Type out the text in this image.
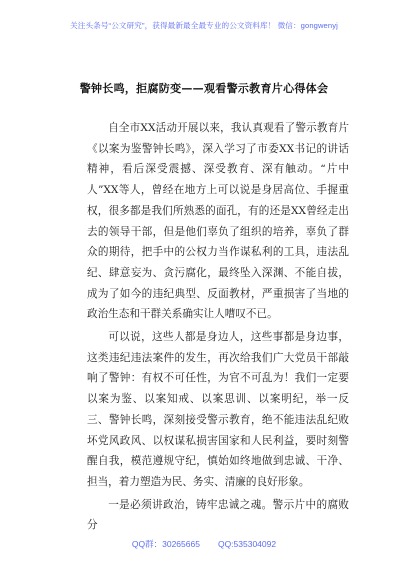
关注头条号“公文研究”，获得最新最全最专业的公文资料库！ 微信：gongwenyj
警钟长鸣，拒腐防变——观看警示教育片心得体会

自全市XX活动开展以来，我认真观看了警示教育片《以案为鉴警钟长鸣》，深入学习了市委XX书记的讲话精神，看后深受震撼、深受教育、深有触动。“片中人”XX等人，曾经在地方上可以说是身居高位、手握重权，很多都是我们所熟悉的面孔，有的还是XX曾经走出去的领导干部，但是他们辜负了组织的培养，辜负了群众的期待，把手中的公权力当作谋私利的工具，违法乱纪、肆意妄为、贪污腐化，最终坠入深渊、不能自拔，成为了如今的违纪典型、反面教材，严重损害了当地的政治生态和干群关系确实让人嘈叹不已。

可以说，这些人都是身边人，这些事都是身边事，这类违纪违法案件的发生，再次给我们广大党员干部敲响了警钟：有权不可任性，为官不可乱为！我们一定要以案为鉴、以案知戒、以案思训、以案明纪，举一反三、警钟长鸣，深刻接受警示教育，绝不能违法乱纪败坏党风政风、以权谋私损害国家和人民利益，要时刻警醒自我，模范遵规守纪，慎始如终地做到忠诚、干净、担当，着力塑造为民、务实、清廉的良好形象。

一是必须讲政治，铸牢忠诚之魂。警示片中的腐败分

QQ群：30265665 QQ:535304092
